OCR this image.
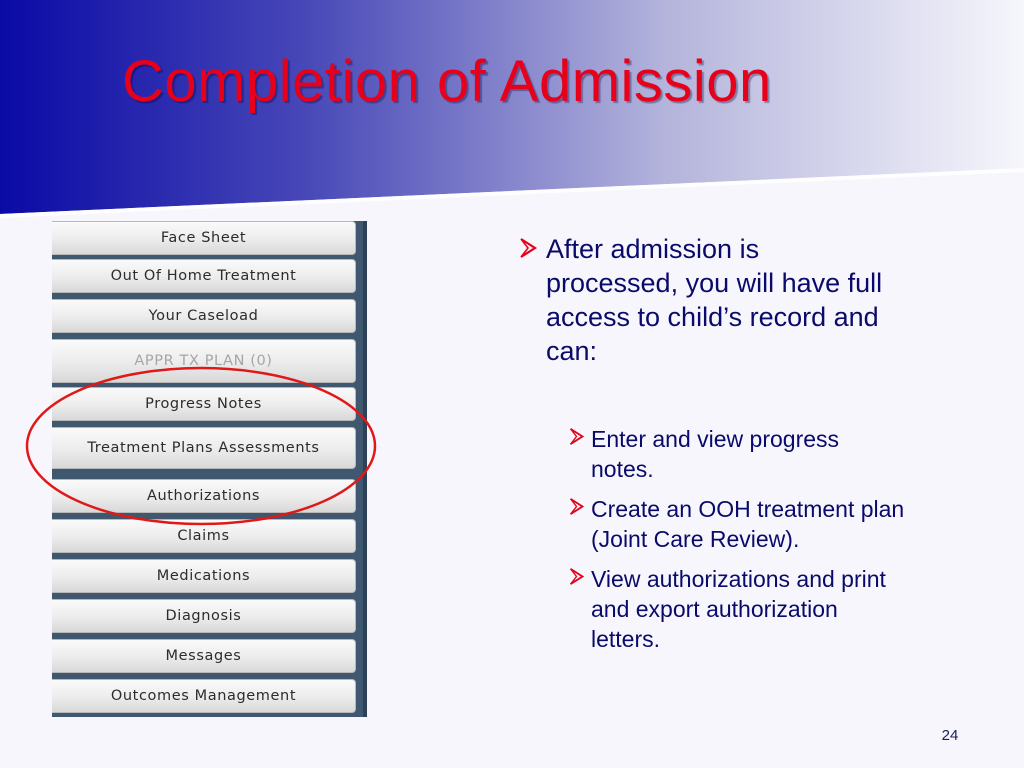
Completion of Admission
Face Sheet
Out Of Home Treatment
Your Caseload
APPR TX PLAN (0)
Progress Notes
Treatment Plans Assessments
Authorizations
Claims
Medications
Diagnosis
Messages
Outcomes Management
After admission is processed, you will have full access to child’s record and can:
Enter and view progress notes.
Create an OOH treatment plan (Joint Care Review).
View authorizations and print and export authorization letters.
24
